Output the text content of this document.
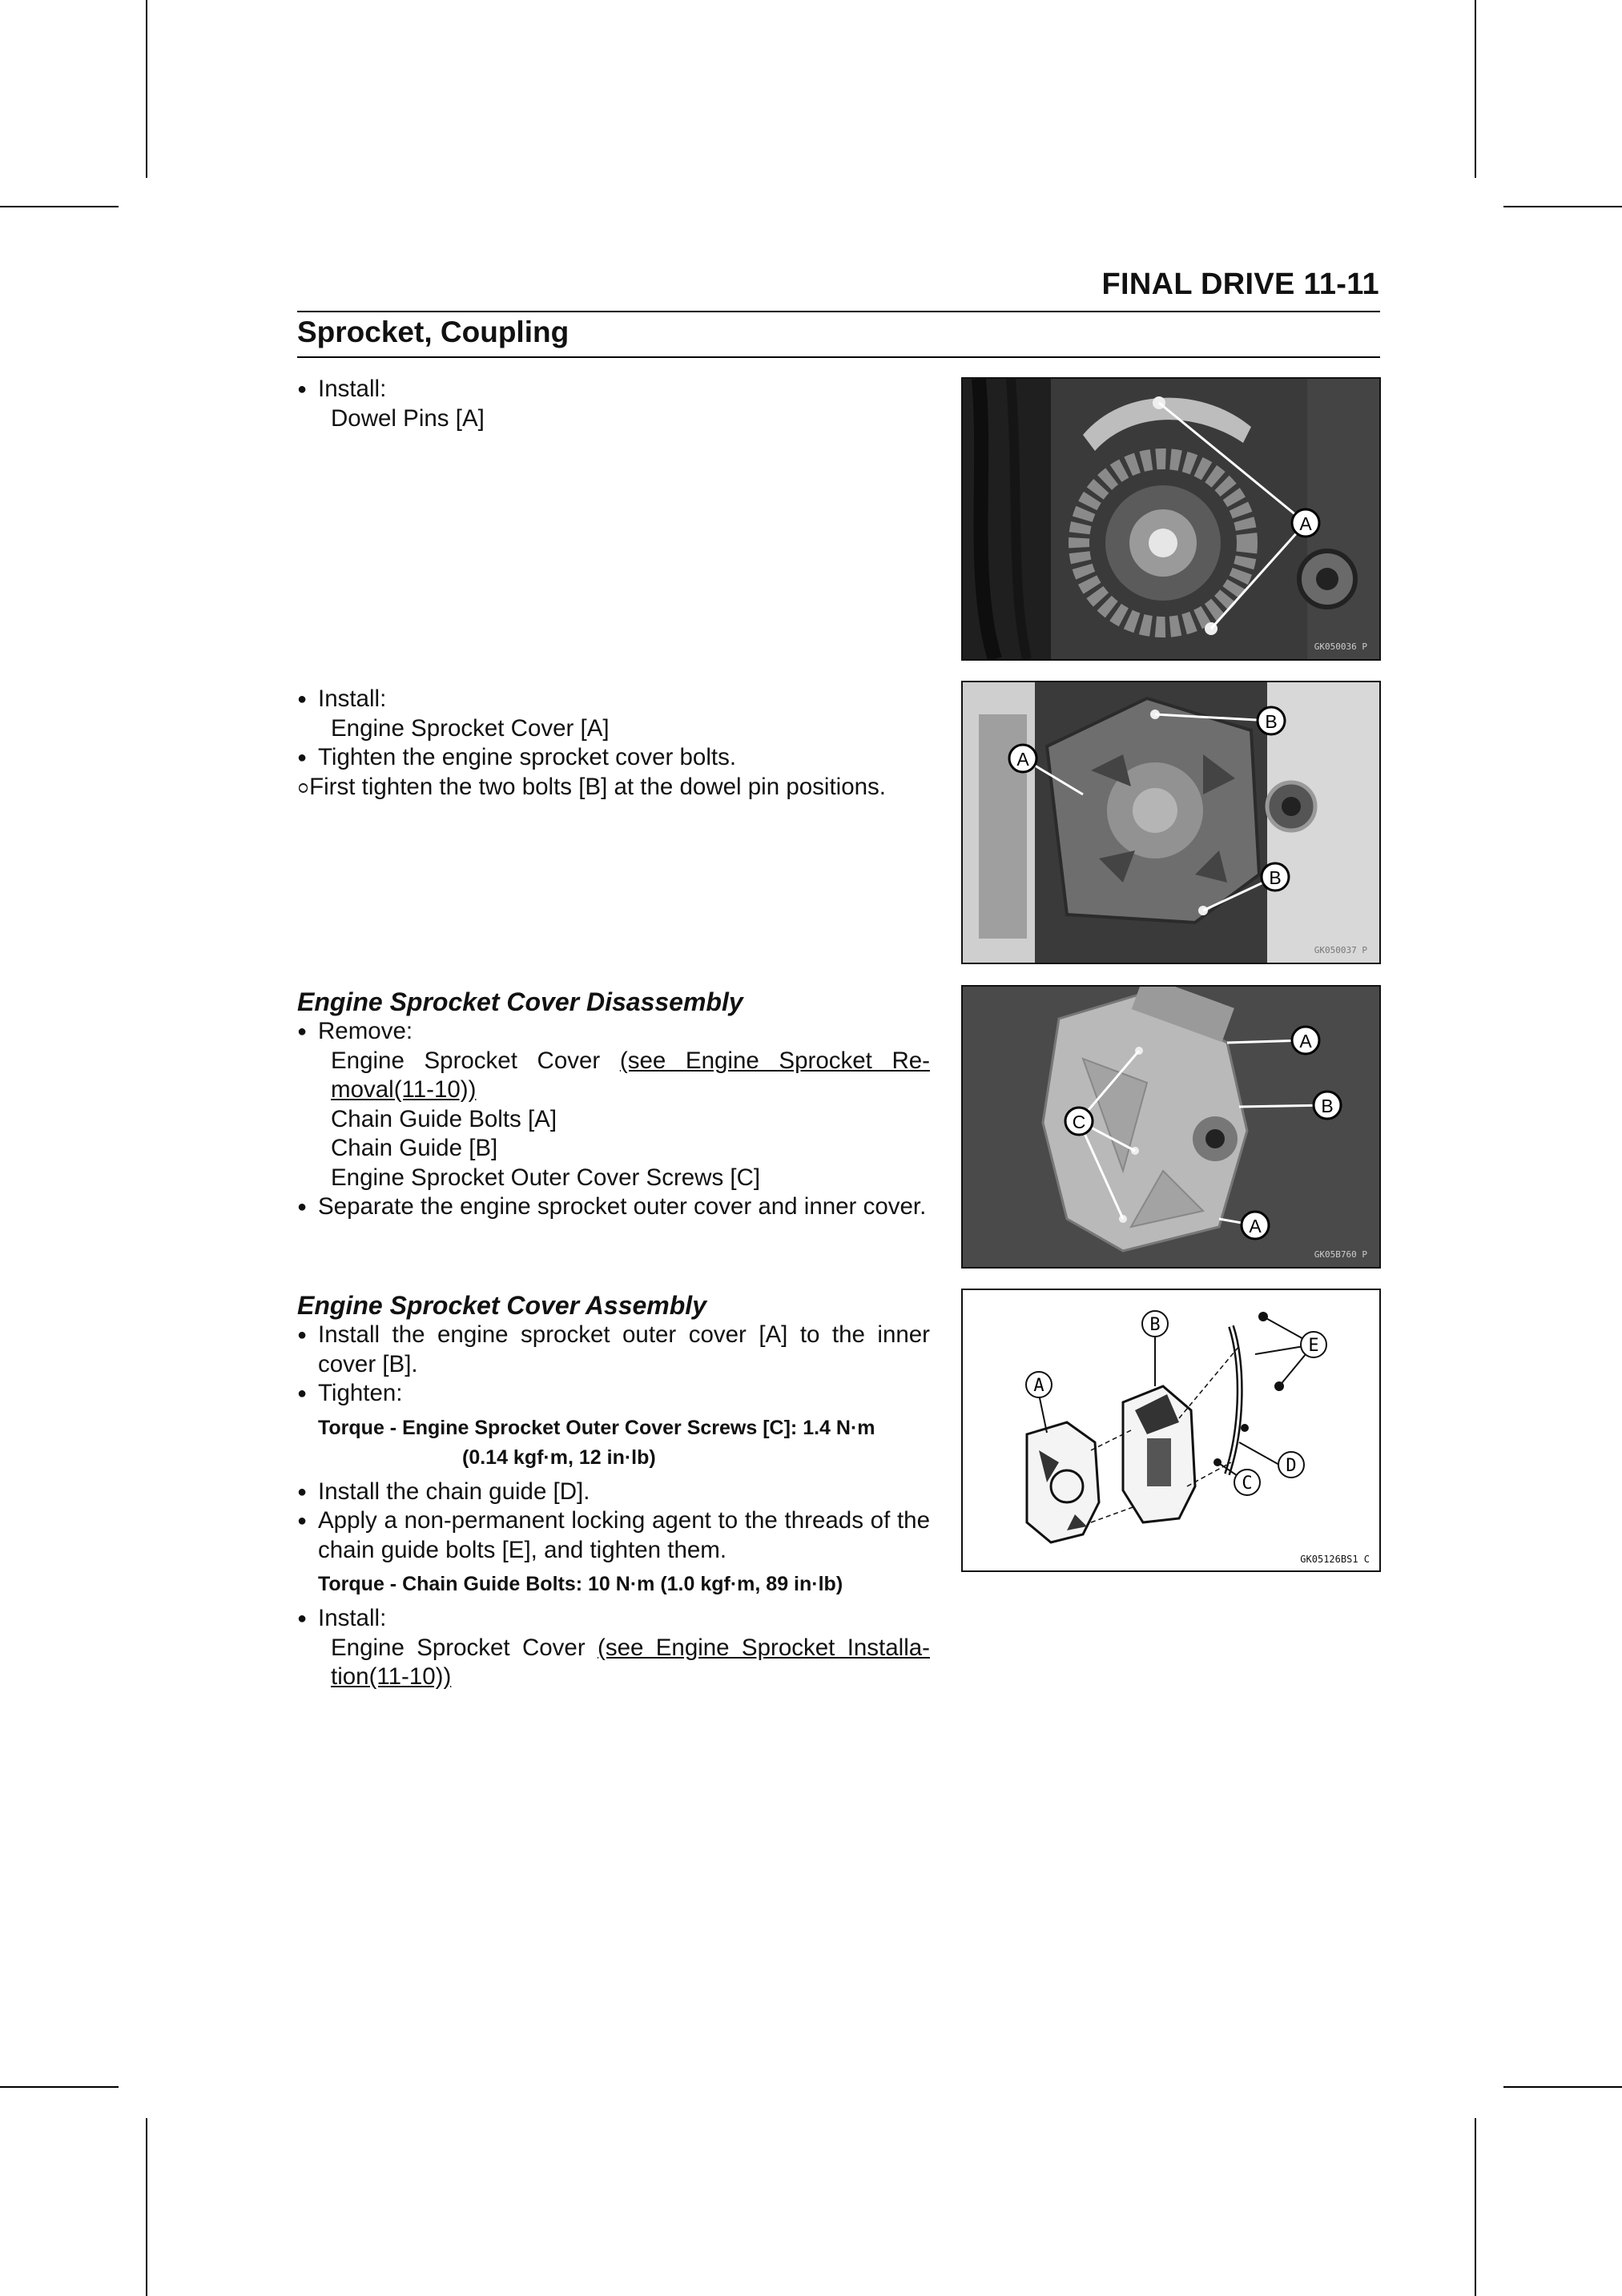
FINAL DRIVE 11-11
Sprocket, Coupling
● Install:
Dowel Pins [A]
● Install:
Engine Sprocket Cover [A]
● Tighten the engine sprocket cover bolts.
○ ○First tighten the two bolts [B] at the dowel pin positions.
Engine Sprocket Cover Disassembly
● Remove:
Engine Sprocket Cover (see Engine Sprocket Re-moval(11-10))
Chain Guide Bolts [A]
Chain Guide [B]
Engine Sprocket Outer Cover Screws [C]
● Separate the engine sprocket outer cover and inner cover.
Engine Sprocket Cover Assembly
● Install the engine sprocket outer cover [A] to the inner cover [B].
● Tighten:
Torque - Engine Sprocket Outer Cover Screws [C]: 1.4 N·m
(0.14 kgf·m, 12 in·lb)
● Install the chain guide [D].
● Apply a non-permanent locking agent to the threads of the chain guide bolts [E], and tighten them.
Torque - Chain Guide Bolts: 10 N·m (1.0 kgf·m, 89 in·lb)
● Install:
Engine Sprocket Cover (see Engine Sprocket Installa-tion(11-10))
A
GK050036 P
A
B
B
GK050037 P
A
B
C
A
GK05B760 P
A
B
C
D
E
GK05126BS1 C
